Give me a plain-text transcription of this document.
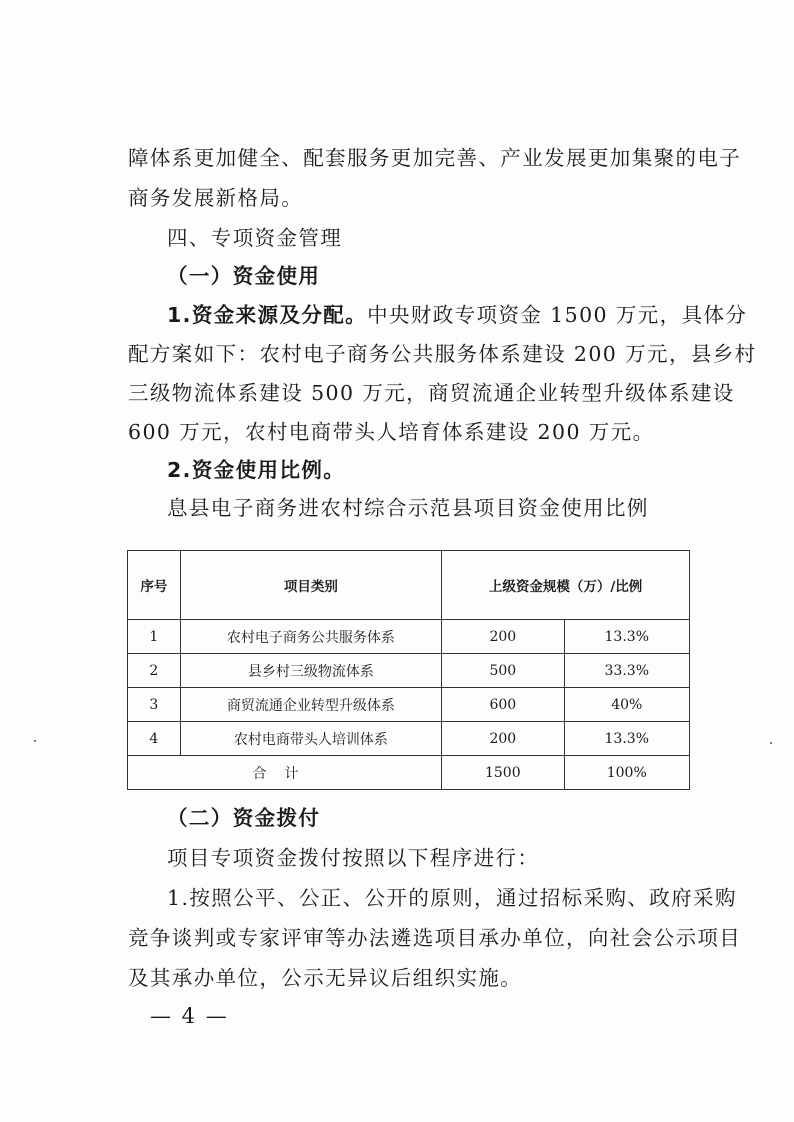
障体系更加健全、配套服务更加完善、产业发展更加集聚的电子
商务发展新格局。
四、专项资金管理
（一）资金使用
1.资金来源及分配。中央财政专项资金 1500 万元，具体分
配方案如下：农村电子商务公共服务体系建设 200 万元，县乡村
三级物流体系建设 500 万元，商贸流通企业转型升级体系建设
600 万元，农村电商带头人培育体系建设 200 万元。
2.资金使用比例。
息县电子商务进农村综合示范县项目资金使用比例
序号	项目类别	上级资金规模（万）/比例	
1	农村电子商务公共服务体系	200	13.3%
2	县乡村三级物流体系	500	33.3%
3	商贸流通企业转型升级体系	600	40%
4	农村电商带头人培训体系	200	13.3%
合计		1500	100%
（二）资金拨付
项目专项资金拨付按照以下程序进行：
1.按照公平、公正、公开的原则，通过招标采购、政府采购
竞争谈判或专家评审等办法遴选项目承办单位，向社会公示项目
及其承办单位，公示无异议后组织实施。
— 4 —
